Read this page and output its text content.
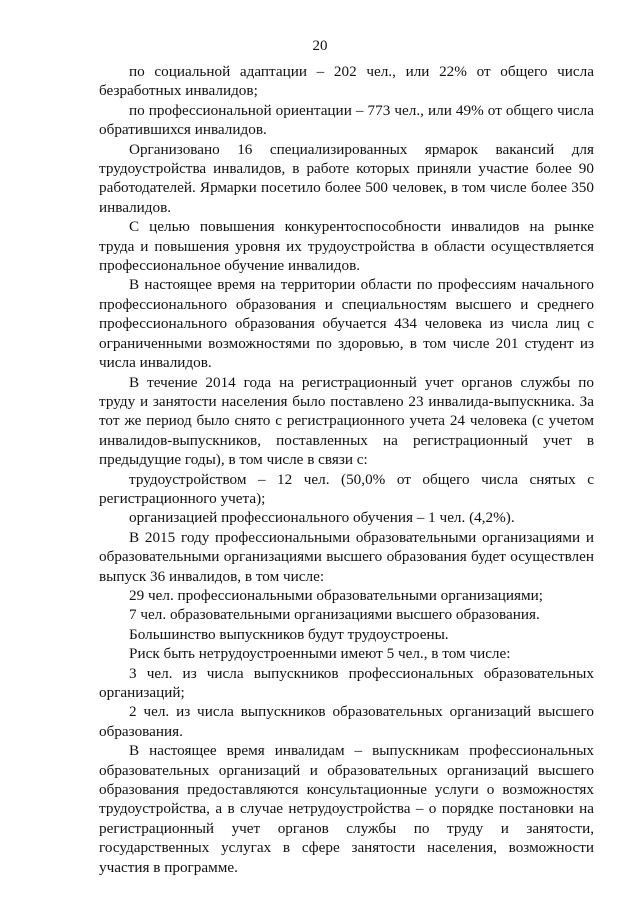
20

по социальной адаптации – 202 чел., или 22% от общего числа безработных инвалидов;

по профессиональной ориентации – 773 чел., или 49% от общего числа обратившихся инвалидов.

Организовано 16 специализированных ярмарок вакансий для трудоустройства инвалидов, в работе которых приняли участие более 90 работодателей. Ярмарки посетило более 500 человек, в том числе более 350 инвалидов.

С целью повышения конкурентоспособности инвалидов на рынке труда и повышения уровня их трудоустройства в области осуществляется профессиональное обучение инвалидов.

В настоящее время на территории области по профессиям начального профессионального образования и специальностям высшего и среднего профессионального образования обучается 434 человека из числа лиц с ограниченными возможностями по здоровью, в том числе 201 студент из числа инвалидов.

В течение 2014 года на регистрационный учет органов службы по труду и занятости населения было поставлено 23 инвалида-выпускника. За тот же период было снято с регистрационного учета 24 человека (с учетом инвалидов-выпускников, поставленных на регистрационный учет в предыдущие годы), в том числе в связи с:

трудоустройством – 12 чел. (50,0% от общего числа снятых с регистрационного учета);

организацией профессионального обучения – 1 чел. (4,2%).

В 2015 году профессиональными образовательными организациями и образовательными организациями высшего образования будет осуществлен выпуск 36 инвалидов, в том числе:

29 чел. профессиональными образовательными организациями;

7 чел. образовательными организациями высшего образования.

Большинство выпускников будут трудоустроены.

Риск быть нетрудоустроенными имеют 5 чел., в том числе:

3 чел. из числа выпускников профессиональных образовательных организаций;

2 чел. из числа выпускников образовательных организаций высшего образования.

В настоящее время инвалидам – выпускникам профессиональных образовательных организаций и образовательных организаций высшего образования предоставляются консультационные услуги о возможностях трудоустройства, а в случае нетрудоустройства – о порядке постановки на регистрационный учет органов службы по труду и занятости, государственных услугах в сфере занятости населения, возможности участия в программе.
